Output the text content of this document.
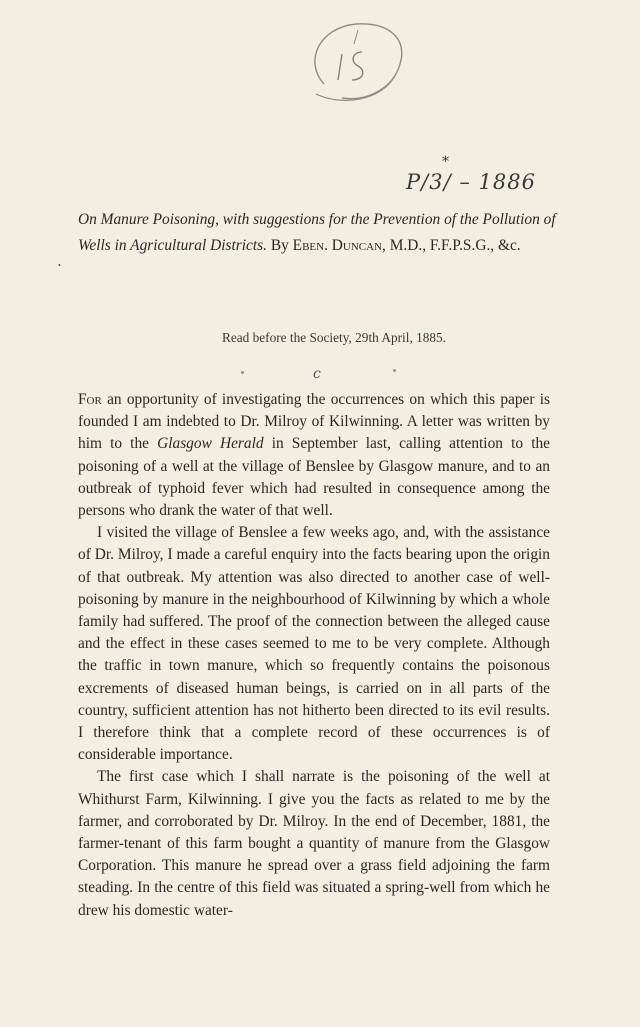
*
P/3/ – 1886
On Manure Poisoning, with suggestions for the Prevention of the Pollution of Wells in Agricultural Districts. By Eben. Duncan, M.D., F.F.P.S.G., &c.
•
Read before the Society, 29th April, 1885.
c

For an opportunity of investigating the occurrences on which this paper is founded I am indebted to Dr. Milroy of Kilwinning. A letter was written by him to the Glasgow Herald in September last, calling attention to the poisoning of a well at the village of Benslee by Glasgow manure, and to an outbreak of typhoid fever which had resulted in consequence among the persons who drank the water of that well.

I visited the village of Benslee a few weeks ago, and, with the assistance of Dr. Milroy, I made a careful enquiry into the facts bearing upon the origin of that outbreak. My attention was also directed to another case of well-poisoning by manure in the neighbourhood of Kilwinning by which a whole family had suffered. The proof of the connection between the alleged cause and the effect in these cases seemed to me to be very complete. Although the traffic in town manure, which so frequently contains the poisonous excrements of diseased human beings, is carried on in all parts of the country, sufficient attention has not hitherto been directed to its evil results. I therefore think that a complete record of these occurrences is of considerable importance.

The first case which I shall narrate is the poisoning of the well at Whithurst Farm, Kilwinning. I give you the facts as related to me by the farmer, and corroborated by Dr. Milroy. In the end of December, 1881, the farmer-tenant of this farm bought a quantity of manure from the Glasgow Corporation. This manure he spread over a grass field adjoining the farm steading. In the centre of this field was situated a spring-well from which he drew his domestic water-
